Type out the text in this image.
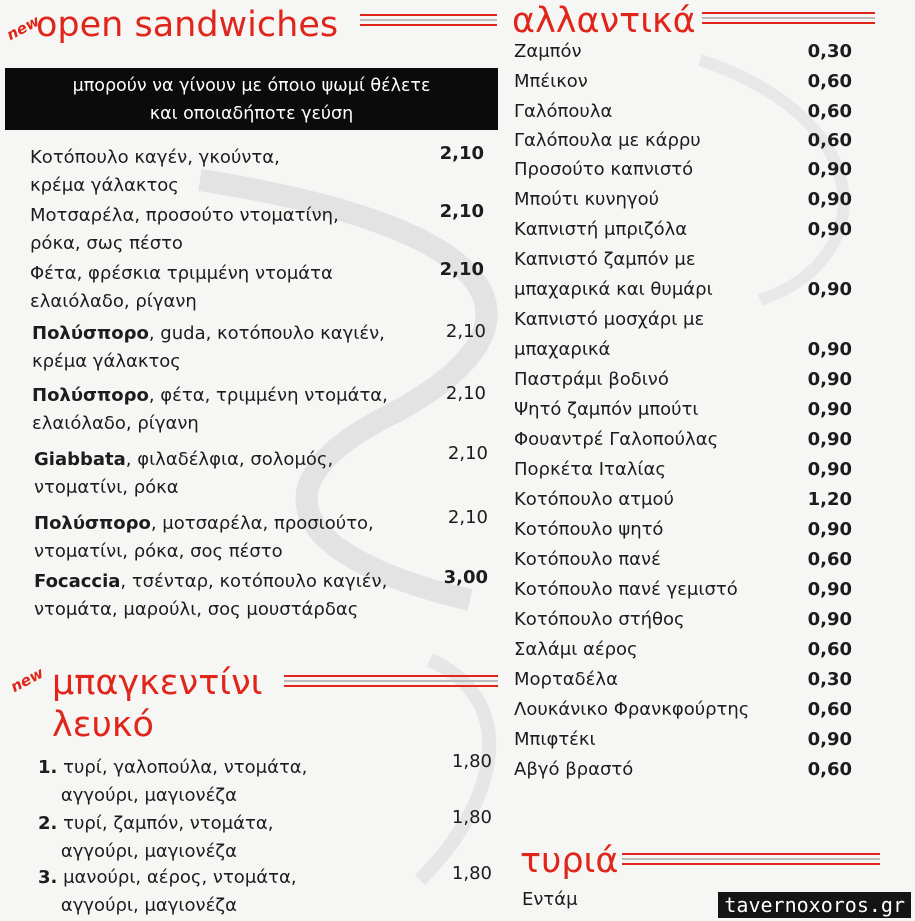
new
open sandwiches
μπορούν να γίνουν με όποιο ψωμί θέλετε
και οποιαδήποτε γεύση
Κοτόπουλο καγέν, γκούντα,
κρέμα γάλακτος
2,10
Μοτσαρέλα, προσούτο ντοματίνη,
ρόκα, σως πέστο
2,10
Φέτα, φρέσκια τριμμένη ντομάτα
ελαιόλαδο, ρίγανη
2,10
Πολύσπορο, guda, κοτόπουλο καγιέν,
κρέμα γάλακτος
2,10
Πολύσπορο, φέτα, τριμμένη ντομάτα,
ελαιόλαδο, ρίγανη
2,10
Giabbata, φιλαδέλφια, σολομός,
ντοματίνι, ρόκα
2,10
Πολύσπορο, μοτσαρέλα, προσιούτο,
ντοματίνι, ρόκα, σος πέστο
2,10
Focaccia, τσένταρ, κοτόπουλο καγιέν,
ντομάτα, μαρούλι, σος μουστάρδας
3,00
new μπαγκεντίνι
λευκό
1. τυρί, γαλοπούλα, ντομάτα,
αγγούρι, μαγιονέζα
1,80
2. τυρί, ζαμπόν, ντομάτα,
αγγούρι, μαγιονέζα
1,80
3. μανούρι, αέρος, ντομάτα,
αγγούρι, μαγιονέζα
1,80
αλλαντικά
Ζαμπόν	0,30
Μπέικον	0,60
Γαλόπουλα	0,60
Γαλόπουλα με κάρρυ	0,60
Προσούτο καπνιστό	0,90
Μπούτι κυνηγού	0,90
Καπνιστή μπριζόλα	0,90
Καπνιστό ζαμπόν με
μπαχαρικά και θυμάρι	0,90
Καπνιστό μοσχάρι με
μπαχαρικά	0,90
Παστράμι βοδινό	0,90
Ψητό ζαμπόν μπούτι	0,90
Φουαντρέ Γαλοπούλας	0,90
Πορκέτα Ιταλίας	0,90
Κοτόπουλο ατμού	1,20
Κοτόπουλο ψητό	0,90
Κοτόπουλο πανέ	0,60
Κοτόπουλο πανέ γεμιστό	0,90
Κοτόπουλο στήθος	0,90
Σαλάμι αέρος	0,60
Μορταδέλα	0,30
Λουκάνικο Φρανκφούρτης	0,60
Μπιφτέκι	0,90
Αβγό βραστό	0,60
τυριά
Εντάμ	tavernoxoros.gr
